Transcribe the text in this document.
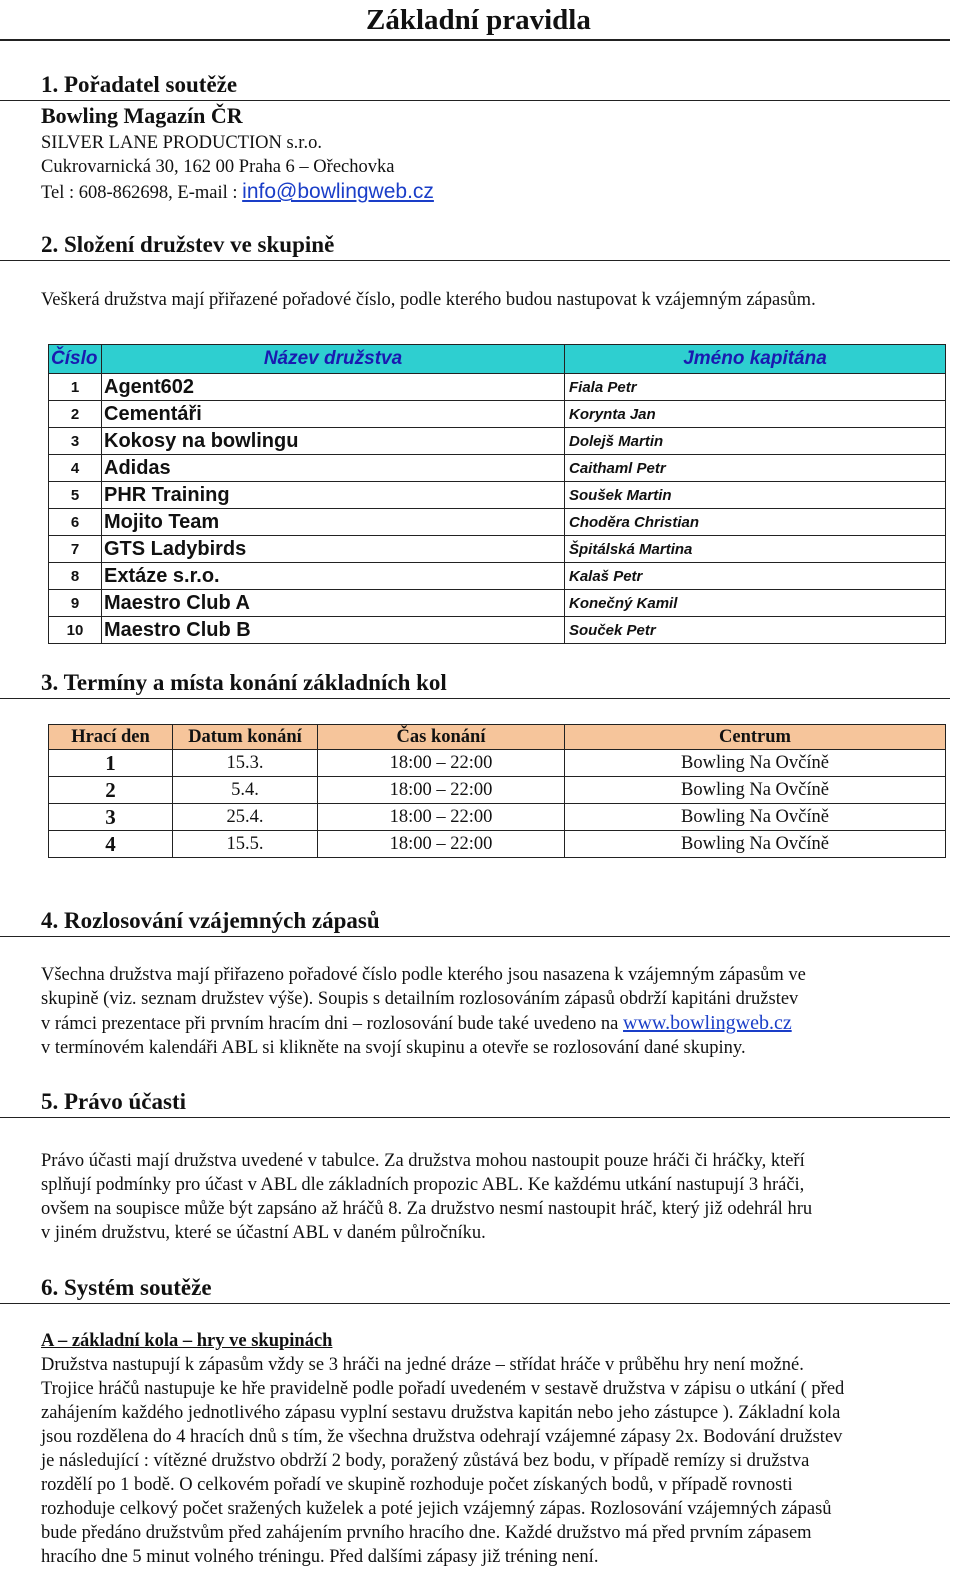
Základní pravidla
1. Pořadatel soutěže
Bowling Magazín ČR
SILVER LANE PRODUCTION s.r.o.
Cukrovarnická 30, 162 00 Praha 6 – Ořechovka
Tel : 608-862698, E-mail : info@bowlingweb.cz
2. Složení družstev ve skupině
Veškerá družstva mají přiřazené pořadové číslo, podle kterého budou nastupovat k vzájemným zápasům.
Číslo	Název družstva	Jméno kapitána
1	Agent602	Fiala Petr
2	Cementáři	Korynta Jan
3	Kokosy na bowlingu	Dolejš Martin
4	Adidas	Caithaml Petr
5	PHR Training	Soušek Martin
6	Mojito Team	Choděra Christian
7	GTS Ladybirds	Špitálská Martina
8	Extáze s.r.o.	Kalaš Petr
9	Maestro Club A	Konečný Kamil
10	Maestro Club B	Souček Petr
3. Termíny a místa konání základních kol
Hrací den	Datum konání	Čas konání	Centrum
1	15.3.	18:00 – 22:00	Bowling Na Ovčíně
2	5.4.	18:00 – 22:00	Bowling Na Ovčíně
3	25.4.	18:00 – 22:00	Bowling Na Ovčíně
4	15.5.	18:00 – 22:00	Bowling Na Ovčíně
4. Rozlosování vzájemných zápasů
Všechna družstva mají přiřazeno pořadové číslo podle kterého jsou nasazena k vzájemným zápasům ve
skupině (viz. seznam družstev výše). Soupis s detailním rozlosováním zápasů obdrží kapitáni družstev
v rámci prezentace při prvním hracím dni – rozlosování bude také uvedeno na www.bowlingweb.cz
v termínovém kalendáři ABL si klikněte na svojí skupinu a otevře se rozlosování dané skupiny.
5. Právo účasti
Právo účasti mají družstva uvedené v tabulce. Za družstva mohou nastoupit pouze hráči či hráčky, kteří
splňují podmínky pro účast v ABL dle základních propozic ABL. Ke každému utkání nastupují 3 hráči,
ovšem na soupisce může být zapsáno až hráčů 8. Za družstvo nesmí nastoupit hráč, který již odehrál hru
v jiném družstvu, které se účastní ABL v daném půlročníku.
6. Systém soutěže
A – základní kola – hry ve skupinách
Družstva nastupují k zápasům vždy se 3 hráči na jedné dráze – střídat hráče v průběhu hry není možné.
Trojice hráčů nastupuje ke hře pravidelně podle pořadí uvedeném v sestavě družstva v zápisu o utkání ( před
zahájením každého jednotlivého zápasu vyplní sestavu družstva kapitán nebo jeho zástupce ). Základní kola
jsou rozdělena do 4 hracích dnů s tím, že všechna družstva odehrají vzájemné zápasy 2x. Bodování družstev
je následující : vítězné družstvo obdrží 2 body, poražený zůstává bez bodu, v případě remízy si družstva
rozdělí po 1 bodě. O celkovém pořadí ve skupině rozhoduje počet získaných bodů, v případě rovnosti
rozhoduje celkový počet sražených kuželek a poté jejich vzájemný zápas. Rozlosování vzájemných zápasů
bude předáno družstvům před zahájením prvního hracího dne. Každé družstvo má před prvním zápasem
hracího dne 5 minut volného tréningu. Před dalšími zápasy již tréning není.
